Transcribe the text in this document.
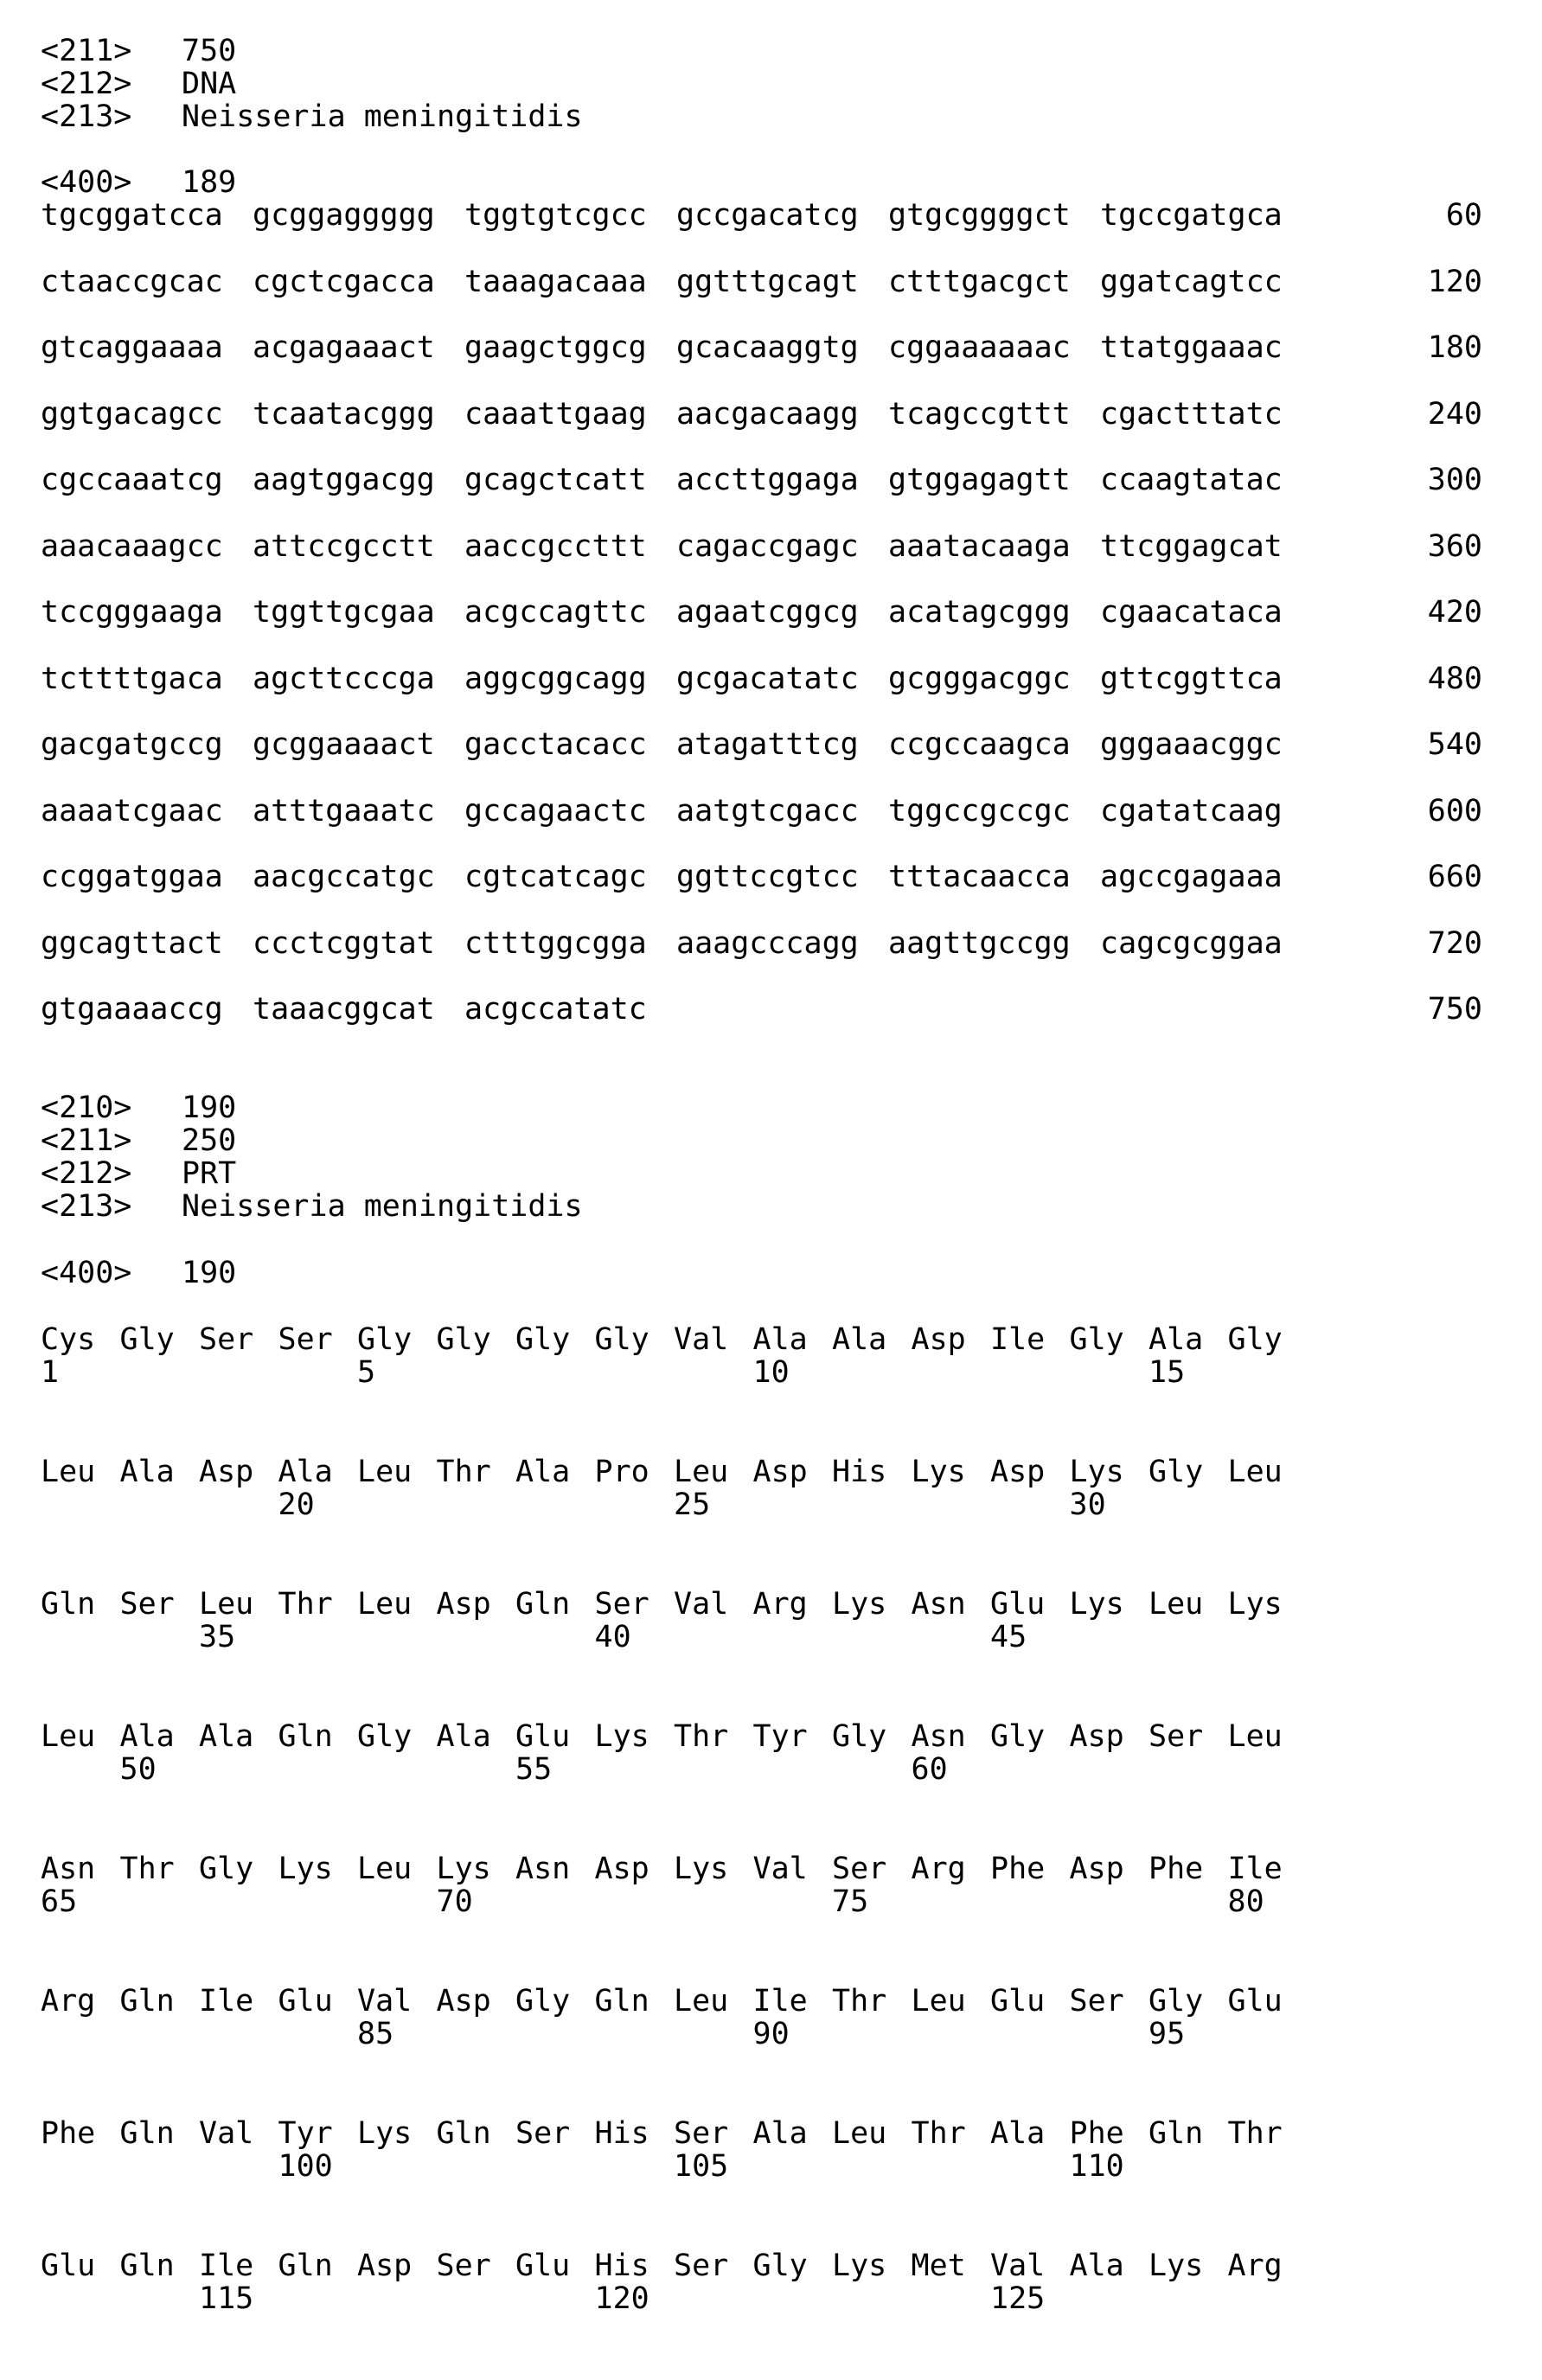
<211> 750
<212> DNA
<213> Neisseria meningitidis
<400> 189
tgcggatcca gcggaggggg tggtgtcgcc gccgacatcg gtgcggggct tgccgatgca	60
ctaaccgcac cgctcgacca taaagacaaa ggtttgcagt ctttgacgct ggatcagtcc	120
gtcaggaaaa acgagaaact gaagctggcg gcacaaggtg cggaaaaaac ttatggaaac	180
ggtgacagcc tcaatacggg caaattgaag aacgacaagg tcagccgttt cgactttatc	240
cgccaaatcg aagtggacgg gcagctcatt accttggaga gtggagagtt ccaagtatac	300
aaacaaagcc attccgcctt aaccgccttt cagaccgagc aaatacaaga ttcggagcat	360
tccgggaaga tggttgcgaa acgccagttc agaatcggcg acatagcggg cgaacataca	420
tcttttgaca agcttcccga aggcggcagg gcgacatatc gcgggacggc gttcggttca	480
gacgatgccg gcggaaaact gacctacacc atagatttcg ccgccaagca gggaaacggc	540
aaaatcgaac atttgaaatc gccagaactc aatgtcgacc tggccgccgc cgatatcaag	600
ccggatggaa aacgccatgc cgtcatcagc ggttccgtcc tttacaacca agccgagaaa	660
ggcagttact ccctcggtat ctttggcgga aaagcccagg aagttgccgg cagcgcggaa	720
gtgaaaaccg taaacggcat acgccatatc	750
<210> 190
<211> 250
<212> PRT
<213> Neisseria meningitidis
<400> 190
Cys Gly Ser Ser Gly Gly Gly Gly Val Ala Ala Asp Ile Gly Ala Gly
1	5	10	15
Leu Ala Asp Ala Leu Thr Ala Pro Leu Asp His Lys Asp Lys Gly Leu
20	25	30
Gln Ser Leu Thr Leu Asp Gln Ser Val Arg Lys Asn Glu Lys Leu Lys
35	40	45
Leu Ala Ala Gln Gly Ala Glu Lys Thr Tyr Gly Asn Gly Asp Ser Leu
50	55	60
Asn Thr Gly Lys Leu Lys Asn Asp Lys Val Ser Arg Phe Asp Phe Ile
65	70	75	80
Arg Gln Ile Glu Val Asp Gly Gln Leu Ile Thr Leu Glu Ser Gly Glu
85	90	95
Phe Gln Val Tyr Lys Gln Ser His Ser Ala Leu Thr Ala Phe Gln Thr
100	105	110
Glu Gln Ile Gln Asp Ser Glu His Ser Gly Lys Met Val Ala Lys Arg
115	120	125
